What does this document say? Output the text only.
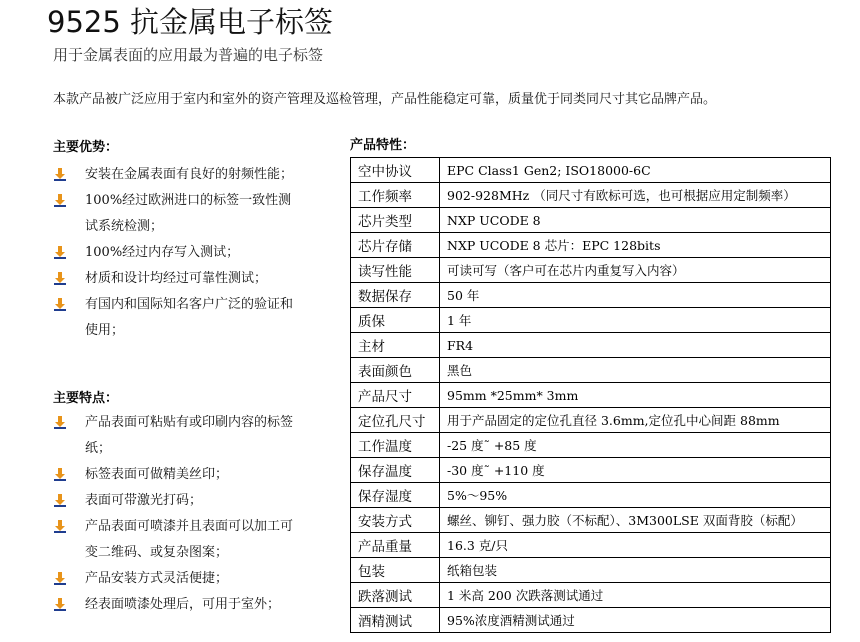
9525 抗金属电子标签
用于金属表面的应用最为普遍的电子标签
本款产品被广泛应用于室内和室外的资产管理及巡检管理，产品性能稳定可靠，质量优于同类同尺寸其它品牌产品。
主要优势：
安装在金属表面有良好的射频性能；
100%经过欧洲进口的标签一致性测试系统检测；
100%经过内存写入测试；
材质和设计均经过可靠性测试；
有国内和国际知名客户广泛的验证和使用；
主要特点：
产品表面可粘贴有或印刷内容的标签纸；
标签表面可做精美丝印；
表面可带激光打码；
产品表面可喷漆并且表面可以加工可变二维码、或复杂图案；
产品安装方式灵活便捷；
经表面喷漆处理后，可用于室外；
产品特性：
空中协议	EPC Class1 Gen2; ISO18000-6C
工作频率	902-928MHz （同尺寸有欧标可选，也可根据应用定制频率）
芯片类型	NXP UCODE 8
芯片存储	NXP UCODE 8 芯片：EPC 128bits
读写性能	可读可写（客户可在芯片内重复写入内容）
数据保存	50 年
质保	1 年
主材	FR4
表面颜色	黑色
产品尺寸	95mm *25mm* 3mm
定位孔尺寸	用于产品固定的定位孔直径 3.6mm,定位孔中心间距 88mm
工作温度	-25 度˜ +85 度
保存温度	-30 度˜ +110 度
保存湿度	5%～95%
安装方式	螺丝、铆钉、强力胶（不标配）、3M300LSE 双面背胶（标配）
产品重量	16.3 克/只
包装	纸箱包装
跌落测试	1 米高 200 次跌落测试通过
酒精测试	95%浓度酒精测试通过
